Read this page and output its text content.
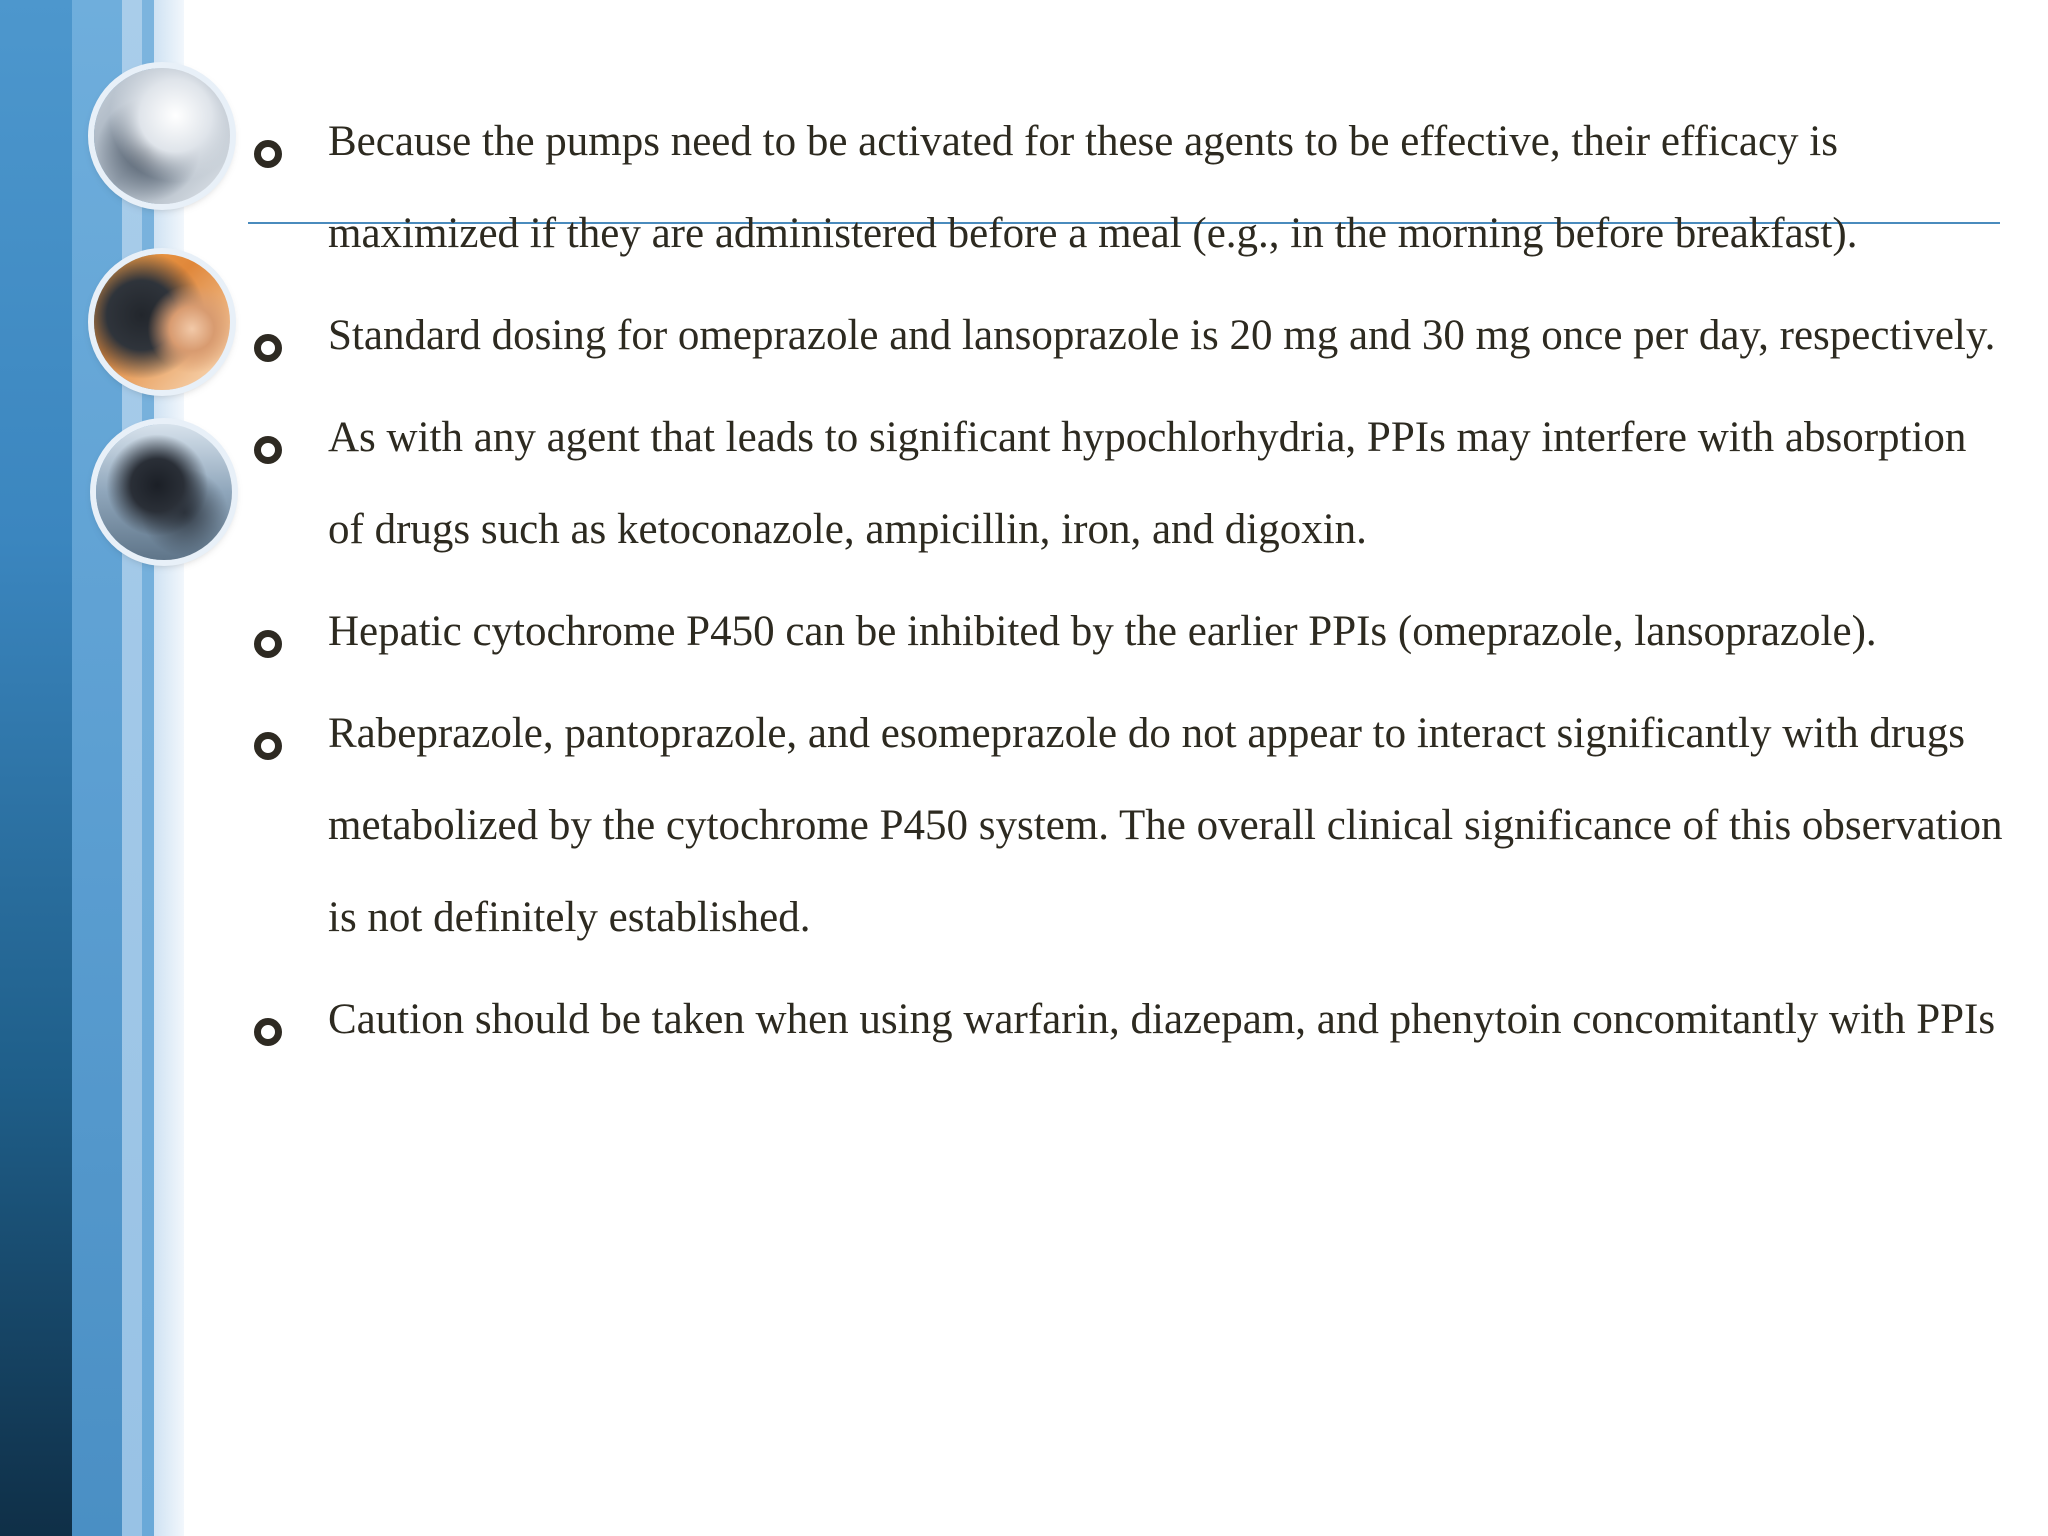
Because the pumps need to be activated for these agents to be effective, their efficacy is maximized if they are administered before a meal (e.g., in the morning before breakfast).

Standard dosing for omeprazole and lansoprazole is 20 mg and 30 mg once per day, respectively.

As with any agent that leads to significant hypochlorhydria, PPIs may interfere with absorption of drugs such as ketoconazole, ampicillin, iron, and digoxin.

Hepatic cytochrome P450 can be inhibited by the earlier PPIs (omeprazole, lansoprazole).

Rabeprazole, pantoprazole, and esomeprazole do not appear to interact significantly with drugs metabolized by the cytochrome P450 system. The overall clinical significance of this observation is not definitely established.

Caution should be taken when using warfarin, diazepam, and phenytoin concomitantly with PPIs
